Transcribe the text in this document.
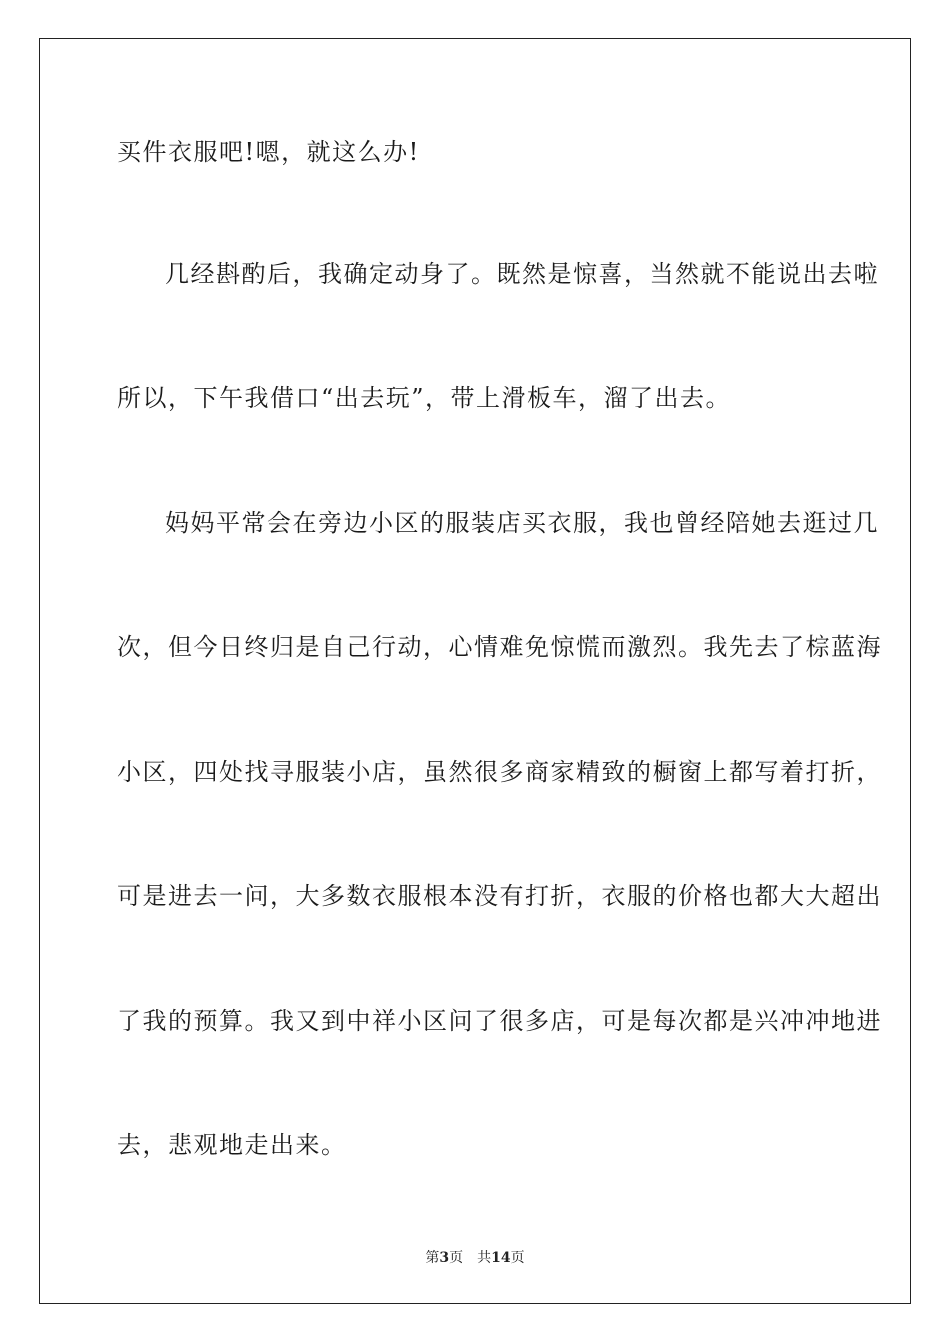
买件衣服吧!嗯，就这么办!
几经斟酌后，我确定动身了。既然是惊喜，当然就不能说出去啦
所以，下午我借口“出去玩”，带上滑板车，溜了出去。
妈妈平常会在旁边小区的服装店买衣服，我也曾经陪她去逛过几
次，但今日终归是自己行动，心情难免惊慌而激烈。我先去了棕蓝海
小区，四处找寻服装小店，虽然很多商家精致的橱窗上都写着打折，
可是进去一问，大多数衣服根本没有打折，衣服的价格也都大大超出
了我的预算。我又到中祥小区问了很多店，可是每次都是兴冲冲地进
去，悲观地走出来。
第3页 共14页
